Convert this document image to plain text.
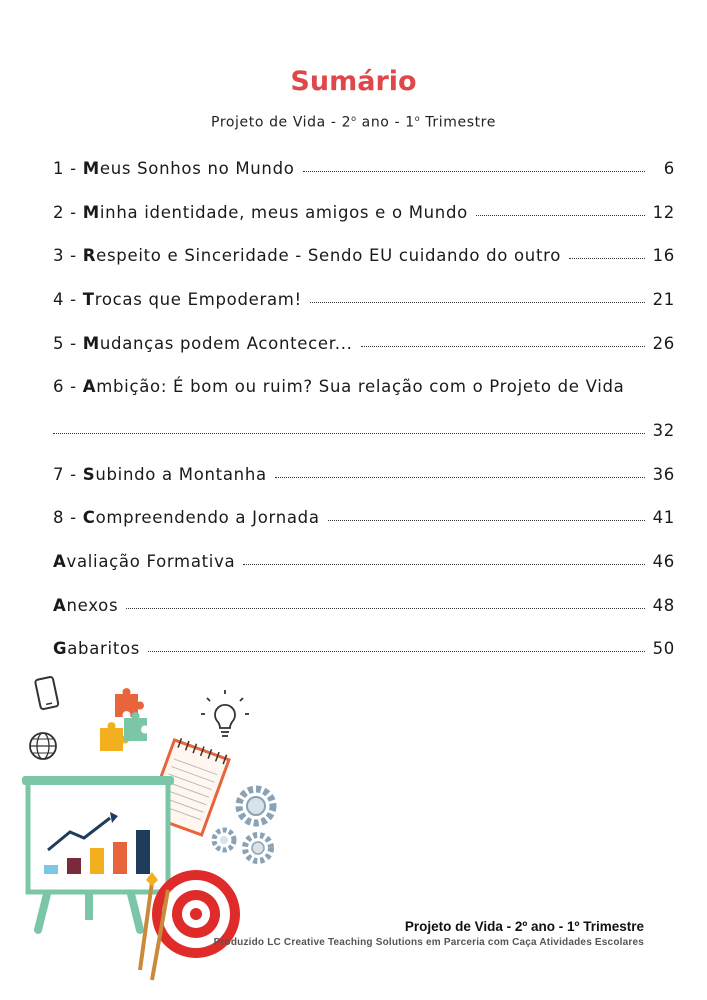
Sumário
Projeto de Vida - 2$^o$ ano - 1$^o$ Trimestre
1 - Meus Sonhos no Mundo	6
2 - Minha identidade, meus amigos e o Mundo	12
3 - Respeito e Sinceridade - Sendo EU cuidando do outro	16
4 - Trocas que Empoderam!	21
5 - Mudanças podem Acontecer...	26
6 - Ambição: É bom ou ruim? Sua relação com o Projeto de Vida
32
7 - Subindo a Montanha	36
8 - Compreendendo a Jornada	41
Avaliação Formativa	46
Anexos	48
Gabaritos	50
Projeto de Vida - 2º ano - 1º Trimestre
Produzido LC Creative Teaching Solutions em Parceria com Caça Atividades Escolares
